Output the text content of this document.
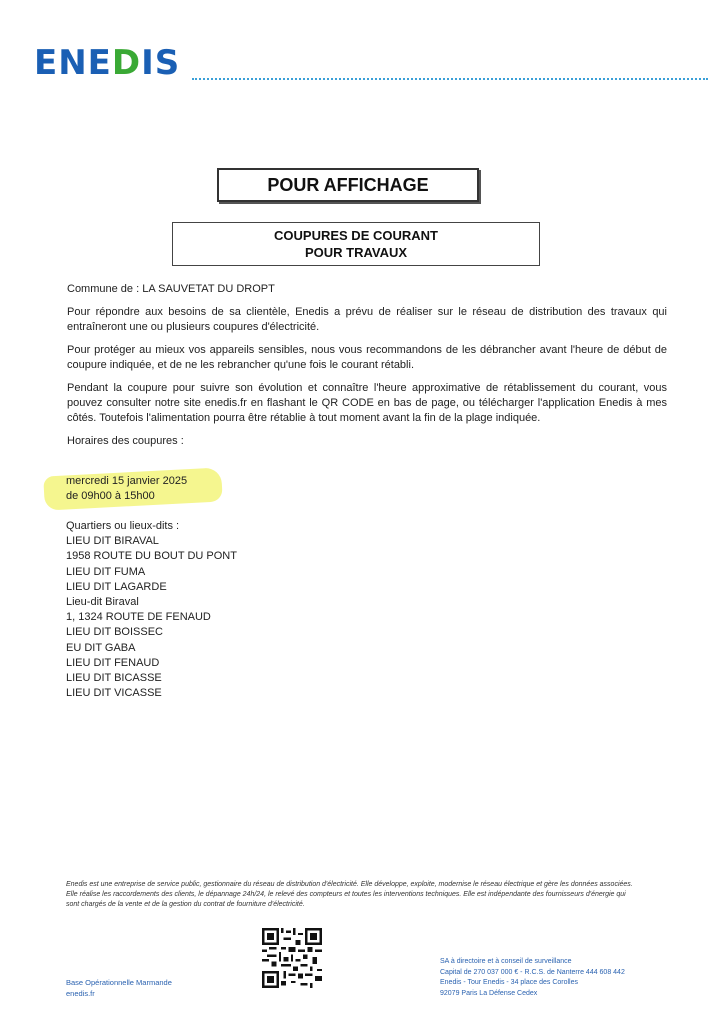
ENEDIS
POUR AFFICHAGE
COUPURES DE COURANT
POUR TRAVAUX

Commune de : LA SAUVETAT DU DROPT

Pour répondre aux besoins de sa clientèle, Enedis a prévu de réaliser sur le réseau de distribution des travaux qui entraîneront une ou plusieurs coupures d'électricité.

Pour protéger au mieux vos appareils sensibles, nous vous recommandons de les débrancher avant l'heure de début de coupure indiquée, et de ne les rebrancher qu'une fois le courant rétabli.

Pendant la coupure pour suivre son évolution et connaître l'heure approximative de rétablissement du courant, vous pouvez consulter notre site enedis.fr en flashant le QR CODE en bas de page, ou télécharger l'application Enedis à mes côtés. Toutefois l'alimentation pourra être rétablie à tout moment avant la fin de la plage indiquée.

Horaires des coupures :

mercredi 15 janvier 2025
de 09h00 à 15h00
Quartiers ou lieux-dits :
LIEU DIT BIRAVAL
1958 ROUTE DU BOUT DU PONT
LIEU DIT FUMA
LIEU DIT LAGARDE
Lieu-dit Biraval
1, 1324 ROUTE DE FENAUD
LIEU DIT BOISSEC
EU DIT GABA
LIEU DIT FENAUD
LIEU DIT BICASSE
LIEU DIT VICASSE
Enedis est une entreprise de service public, gestionnaire du réseau de distribution d'électricité. Elle développe, exploite, modernise le réseau électrique et gère les données associées. Elle réalise les raccordements des clients, le dépannage 24h/24, le relevé des compteurs et toutes les interventions techniques. Elle est indépendante des fournisseurs d'énergie qui sont chargés de la vente et de la gestion du contrat de fourniture d'électricité.
Base Opérationnelle Marmande
enedis.fr
SA à directoire et à conseil de surveillance
Capital de 270 037 000 € - R.C.S. de Nanterre 444 608 442
Enedis - Tour Enedis - 34 place des Corolles
92079 Paris La Défense Cedex
